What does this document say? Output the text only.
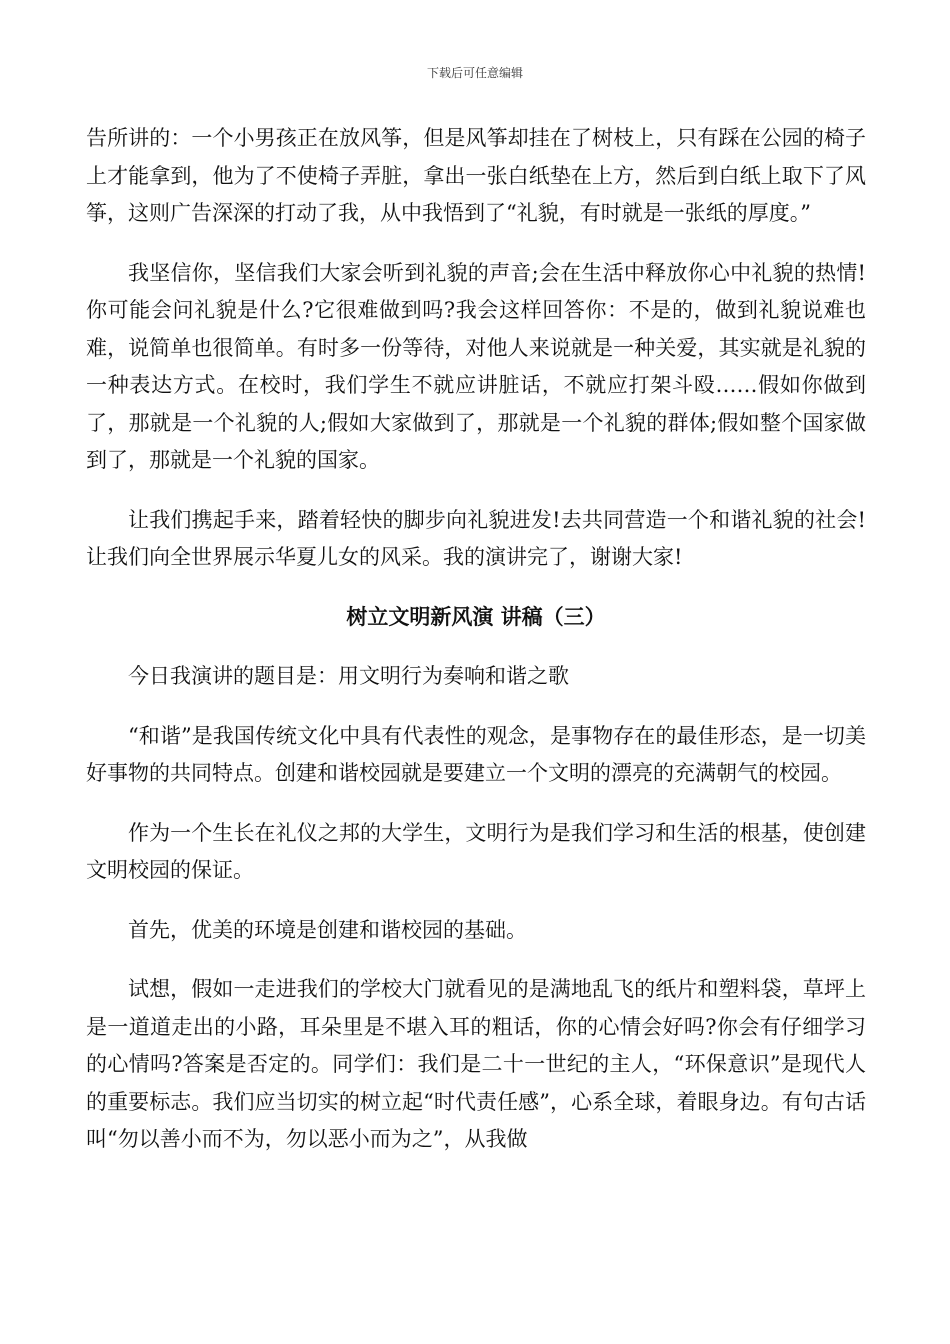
下载后可任意编辑

告所讲的：一个小男孩正在放风筝，但是风筝却挂在了树枝上，只有踩在公园的椅子上才能拿到，他为了不使椅子弄脏，拿出一张白纸垫在上方，然后到白纸上取下了风筝，这则广告深深的打动了我，从中我悟到了“礼貌，有时就是一张纸的厚度。”

我坚信你，坚信我们大家会听到礼貌的声音;会在生活中释放你心中礼貌的热情!你可能会问礼貌是什么?它很难做到吗?我会这样回答你：不是的，做到礼貌说难也难，说简单也很简单。有时多一份等待，对他人来说就是一种关爱，其实就是礼貌的一种表达方式。在校时，我们学生不就应讲脏话，不就应打架斗殴……假如你做到了，那就是一个礼貌的人;假如大家做到了，那就是一个礼貌的群体;假如整个国家做到了，那就是一个礼貌的国家。

让我们携起手来，踏着轻快的脚步向礼貌进发!去共同营造一个和谐礼貌的社会!让我们向全世界展示华夏儿女的风采。我的演讲完了，谢谢大家!

树立文明新风演 讲稿（三）

今日我演讲的题目是：用文明行为奏响和谐之歌

“和谐”是我国传统文化中具有代表性的观念，是事物存在的最佳形态，是一切美好事物的共同特点。创建和谐校园就是要建立一个文明的漂亮的充满朝气的校园。

作为一个生长在礼仪之邦的大学生，文明行为是我们学习和生活的根基，使创建文明校园的保证。

首先，优美的环境是创建和谐校园的基础。

试想，假如一走进我们的学校大门就看见的是满地乱飞的纸片和塑料袋，草坪上是一道道走出的小路，耳朵里是不堪入耳的粗话，你的心情会好吗?你会有仔细学习的心情吗?答案是否定的。同学们：我们是二十一世纪的主人，“环保意识”是现代人的重要标志。我们应当切实的树立起“时代责任感”，心系全球，着眼身边。有句古话叫“勿以善小而不为，勿以恶小而为之”，从我做
